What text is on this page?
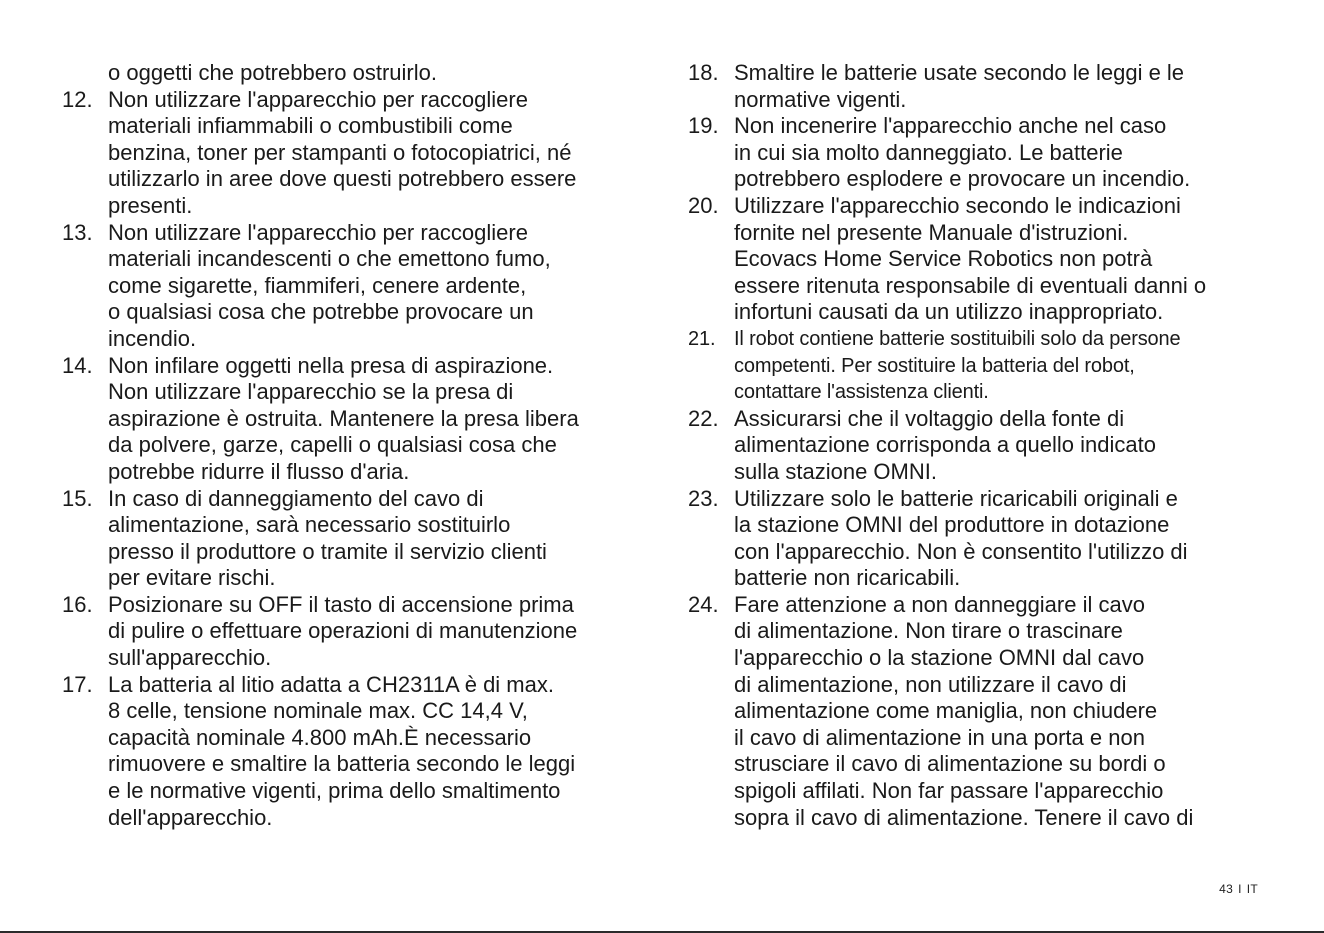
o oggetti che potrebbero ostruirlo.
12. Non utilizzare l'apparecchio per raccogliere
materiali infiammabili o combustibili come
benzina, toner per stampanti o fotocopiatrici, né
utilizzarlo in aree dove questi potrebbero essere
presenti.
13. Non utilizzare l'apparecchio per raccogliere
materiali incandescenti o che emettono fumo,
come sigarette, fiammiferi, cenere ardente,
o qualsiasi cosa che potrebbe provocare un
incendio.
14. Non infilare oggetti nella presa di aspirazione.
Non utilizzare l'apparecchio se la presa di
aspirazione è ostruita. Mantenere la presa libera
da polvere, garze, capelli o qualsiasi cosa che
potrebbe ridurre il flusso d'aria.
15. In caso di danneggiamento del cavo di
alimentazione, sarà necessario sostituirlo
presso il produttore o tramite il servizio clienti
per evitare rischi.
16. Posizionare su OFF il tasto di accensione prima
di pulire o effettuare operazioni di manutenzione
sull'apparecchio.
17. La batteria al litio adatta a CH2311A è di max.
8 celle, tensione nominale max. CC 14,4 V,
capacità nominale 4.800 mAh.È necessario
rimuovere e smaltire la batteria secondo le leggi
e le normative vigenti, prima dello smaltimento
dell'apparecchio.
18. Smaltire le batterie usate secondo le leggi e le
normative vigenti.
19. Non incenerire l'apparecchio anche nel caso
in cui sia molto danneggiato. Le batterie
potrebbero esplodere e provocare un incendio.
20. Utilizzare l'apparecchio secondo le indicazioni
fornite nel presente Manuale d'istruzioni.
Ecovacs Home Service Robotics non potrà
essere ritenuta responsabile di eventuali danni o
infortuni causati da un utilizzo inappropriato.
21. Il robot contiene batterie sostituibili solo da persone
competenti. Per sostituire la batteria del robot,
contattare l'assistenza clienti.
22. Assicurarsi che il voltaggio della fonte di
alimentazione corrisponda a quello indicato
sulla stazione OMNI.
23. Utilizzare solo le batterie ricaricabili originali e
la stazione OMNI del produttore in dotazione
con l'apparecchio. Non è consentito l'utilizzo di
batterie non ricaricabili.
24. Fare attenzione a non danneggiare il cavo
di alimentazione. Non tirare o trascinare
l'apparecchio o la stazione OMNI dal cavo
di alimentazione, non utilizzare il cavo di
alimentazione come maniglia, non chiudere
il cavo di alimentazione in una porta e non
strusciare il cavo di alimentazione su bordi o
spigoli affilati. Non far passare l'apparecchio
sopra il cavo di alimentazione. Tenere il cavo di
43 I IT
